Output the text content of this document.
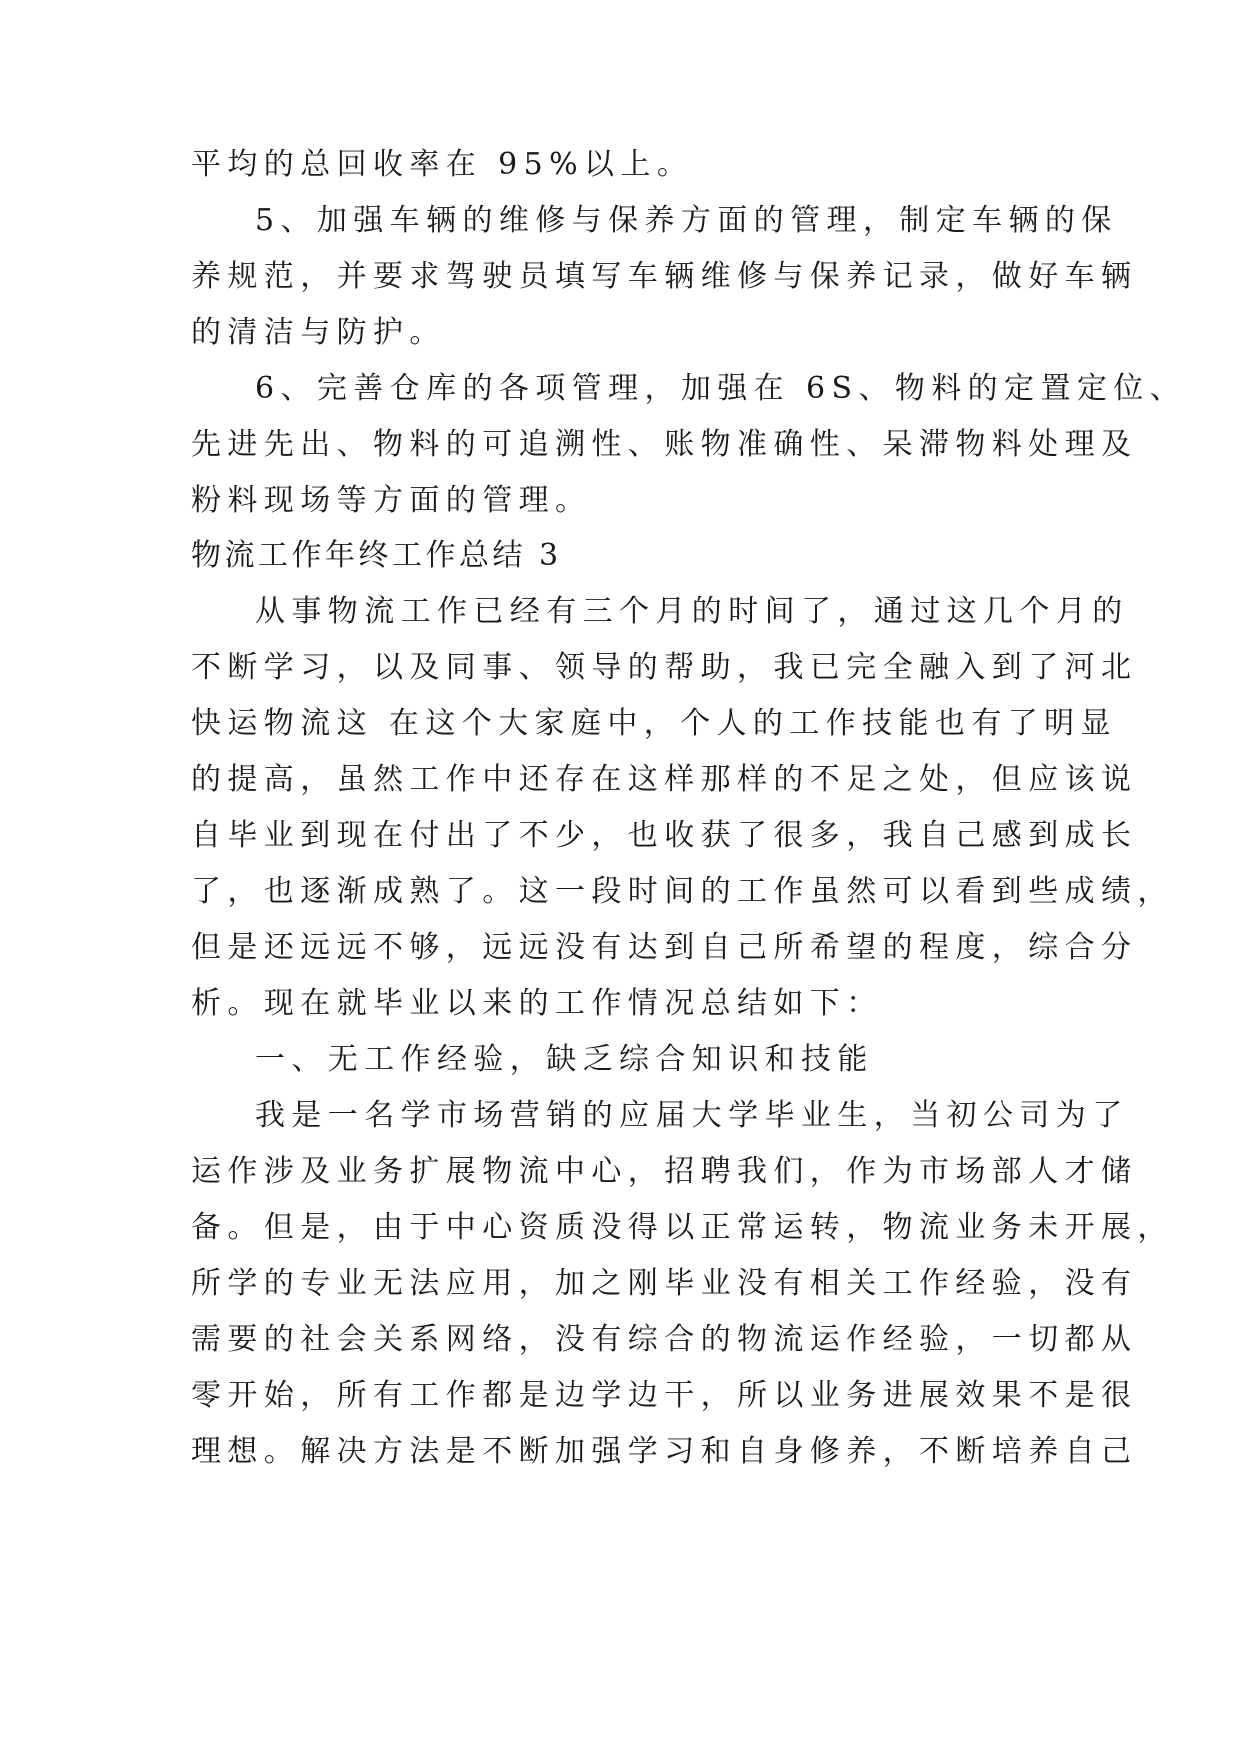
平均的总回收率在 95%以上。
5、加强车辆的维修与保养方面的管理，制定车辆的保
养规范，并要求驾驶员填写车辆维修与保养记录，做好车辆
的清洁与防护。
6、完善仓库的各项管理，加强在 6S、物料的定置定位、
先进先出、物料的可追溯性、账物准确性、呆滞物料处理及
粉料现场等方面的管理。
物流工作年终工作总结 3
从事物流工作已经有三个月的时间了，通过这几个月的
不断学习，以及同事、领导的帮助，我已完全融入到了河北
快运物流这 在这个大家庭中，个人的工作技能也有了明显
的提高，虽然工作中还存在这样那样的不足之处，但应该说
自毕业到现在付出了不少，也收获了很多，我自己感到成长
了，也逐渐成熟了。这一段时间的工作虽然可以看到些成绩，
但是还远远不够，远远没有达到自己所希望的程度，综合分
析。现在就毕业以来的工作情况总结如下：
一、无工作经验，缺乏综合知识和技能
我是一名学市场营销的应届大学毕业生，当初公司为了
运作涉及业务扩展物流中心，招聘我们，作为市场部人才储
备。但是，由于中心资质没得以正常运转，物流业务未开展，
所学的专业无法应用，加之刚毕业没有相关工作经验，没有
需要的社会关系网络，没有综合的物流运作经验，一切都从
零开始，所有工作都是边学边干，所以业务进展效果不是很
理想。解决方法是不断加强学习和自身修养，不断培养自己
